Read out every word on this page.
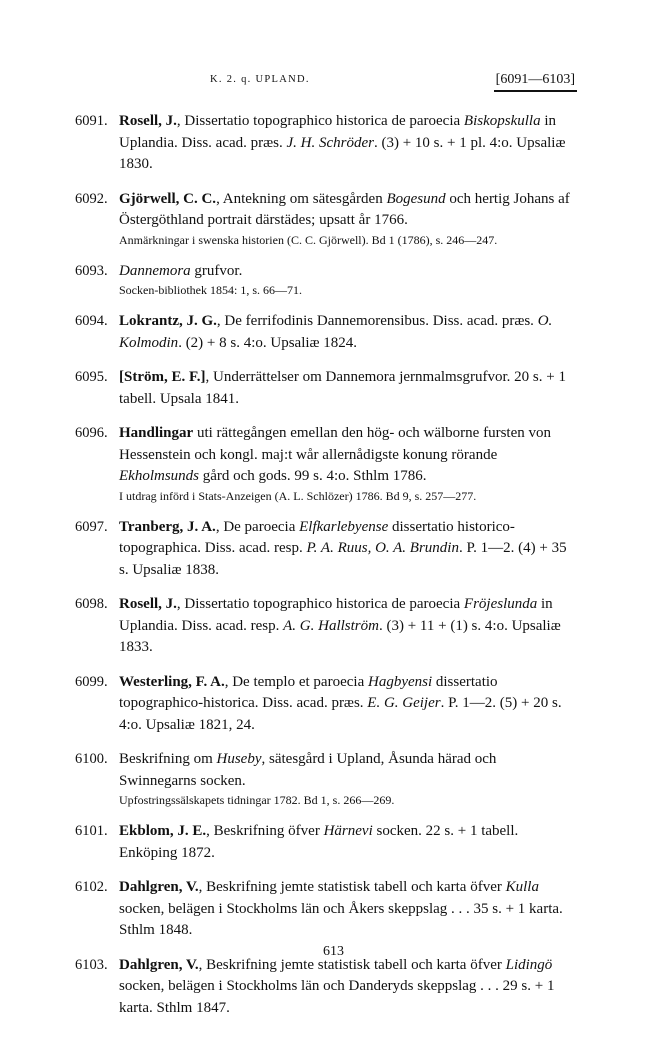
K. 2. q. UPLAND.	[6091—6103]
6091. Rosell, J., Dissertatio topographico historica de paroecia Biskopskulla in Uplandia. Diss. acad. præs. J. H. Schröder. (3) + 10 s. + 1 pl. 4:o. Upsaliæ 1830.
6092. Gjörwell, C. C., Antekning om sätesgården Bogesund och hertig Johans af Östergöthland portrait därstädes; upsatt år 1766.
Anmärkningar i swenska historien (C. C. Gjörwell). Bd 1 (1786), s. 246—247.
6093. Dannemora grufvor.
Socken-bibliothek 1854: 1, s. 66—71.
6094. Lokrantz, J. G., De ferrifodinis Dannemorensibus. Diss. acad. præs. O. Kolmodin. (2) + 8 s. 4:o. Upsaliæ 1824.
6095. [Ström, E. F.], Underrättelser om Dannemora jernmalmsgrufvor. 20 s. + 1 tabell. Upsala 1841.
6096. Handlingar uti rättegången emellan den hög- och wälborne fursten von Hessenstein och kongl. maj:t wår allernådigste konung rörande Ekholmsunds gård och gods. 99 s. 4:o. Sthlm 1786.
I utdrag införd i Stats-Anzeigen (A. L. Schlözer) 1786. Bd 9, s. 257—277.
6097. Tranberg, J. A., De paroecia Elfkarlebyense dissertatio historico-topographica. Diss. acad. resp. P. A. Ruus, O. A. Brundin. P. 1—2. (4) + 35 s. Upsaliæ 1838.
6098. Rosell, J., Dissertatio topographico historica de paroecia Fröjeslunda in Uplandia. Diss. acad. resp. A. G. Hallström. (3) + 11 + (1) s. 4:o. Upsaliæ 1833.
6099. Westerling, F. A., De templo et paroecia Hagbyensi dissertatio topographico-historica. Diss. acad. præs. E. G. Geijer. P. 1—2. (5) + 20 s. 4:o. Upsaliæ 1821, 24.
6100. Beskrifning om Huseby, sätesgård i Upland, Åsunda härad och Swinnegarns socken.
Upfostringssälskapets tidningar 1782. Bd 1, s. 266—269.
6101. Ekblom, J. E., Beskrifning öfver Härnevi socken. 22 s. + 1 tabell. Enköping 1872.
6102. Dahlgren, V., Beskrifning jemte statistisk tabell och karta öfver Kulla socken, belägen i Stockholms län och Åkers skeppslag . . . 35 s. + 1 karta. Sthlm 1848.
6103. Dahlgren, V., Beskrifning jemte statistisk tabell och karta öfver Lidingö socken, belägen i Stockholms län och Danderyds skeppslag . . . 29 s. + 1 karta. Sthlm 1847.
613
